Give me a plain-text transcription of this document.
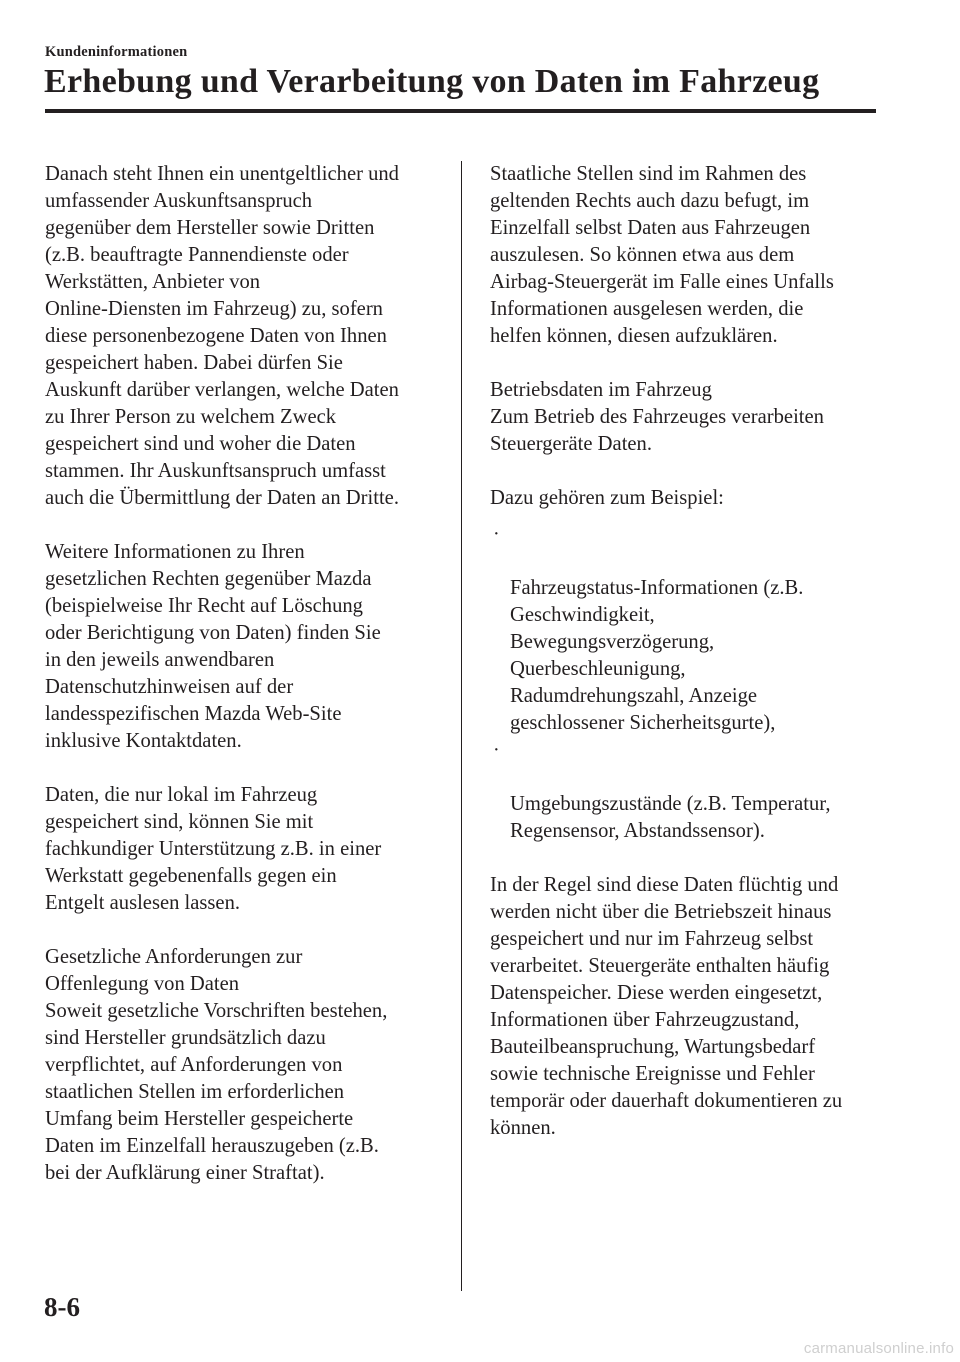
Kundeninformationen
Erhebung und Verarbeitung von Daten im Fahrzeug

Danach steht Ihnen ein unentgeltlicher und
umfassender Auskunftsanspruch
gegenüber dem Hersteller sowie Dritten
(z.B. beauftragte Pannendienste oder
Werkstätten, Anbieter von
Online-Diensten im Fahrzeug) zu, sofern
diese personenbezogene Daten von Ihnen
gespeichert haben. Dabei dürfen Sie
Auskunft darüber verlangen, welche Daten
zu Ihrer Person zu welchem Zweck
gespeichert sind und woher die Daten
stammen. Ihr Auskunftsanspruch umfasst
auch die Übermittlung der Daten an Dritte.

Weitere Informationen zu Ihren
gesetzlichen Rechten gegenüber Mazda
(beispielweise Ihr Recht auf Löschung
oder Berichtigung von Daten) finden Sie
in den jeweils anwendbaren
Datenschutzhinweisen auf der
landesspezifischen Mazda Web-Site
inklusive Kontaktdaten.

Daten, die nur lokal im Fahrzeug
gespeichert sind, können Sie mit
fachkundiger Unterstützung z.B. in einer
Werkstatt gegebenenfalls gegen ein
Entgelt auslesen lassen.

Gesetzliche Anforderungen zur
Offenlegung von Daten
Soweit gesetzliche Vorschriften bestehen,
sind Hersteller grundsätzlich dazu
verpflichtet, auf Anforderungen von
staatlichen Stellen im erforderlichen
Umfang beim Hersteller gespeicherte
Daten im Einzelfall herauszugeben (z.B.
bei der Aufklärung einer Straftat).

Staatliche Stellen sind im Rahmen des
geltenden Rechts auch dazu befugt, im
Einzelfall selbst Daten aus Fahrzeugen
auszulesen. So können etwa aus dem
Airbag-Steuergerät im Falle eines Unfalls
Informationen ausgelesen werden, die
helfen können, diesen aufzuklären.

Betriebsdaten im Fahrzeug
Zum Betrieb des Fahrzeuges verarbeiten
Steuergeräte Daten.

Dazu gehören zum Beispiel:

·

Fahrzeugstatus-Informationen (z.B.
Geschwindigkeit,
Bewegungsverzögerung,
Querbeschleunigung,
Radumdrehungszahl, Anzeige
geschlossener Sicherheitsgurte),

·

Umgebungszustände (z.B. Temperatur,
Regensensor, Abstandssensor).

In der Regel sind diese Daten flüchtig und
werden nicht über die Betriebszeit hinaus
gespeichert und nur im Fahrzeug selbst
verarbeitet. Steuergeräte enthalten häufig
Datenspeicher. Diese werden eingesetzt,
Informationen über Fahrzeugzustand,
Bauteilbeanspruchung, Wartungsbedarf
sowie technische Ereignisse und Fehler
temporär oder dauerhaft dokumentieren zu
können.

8-6
carmanualsonline.info
